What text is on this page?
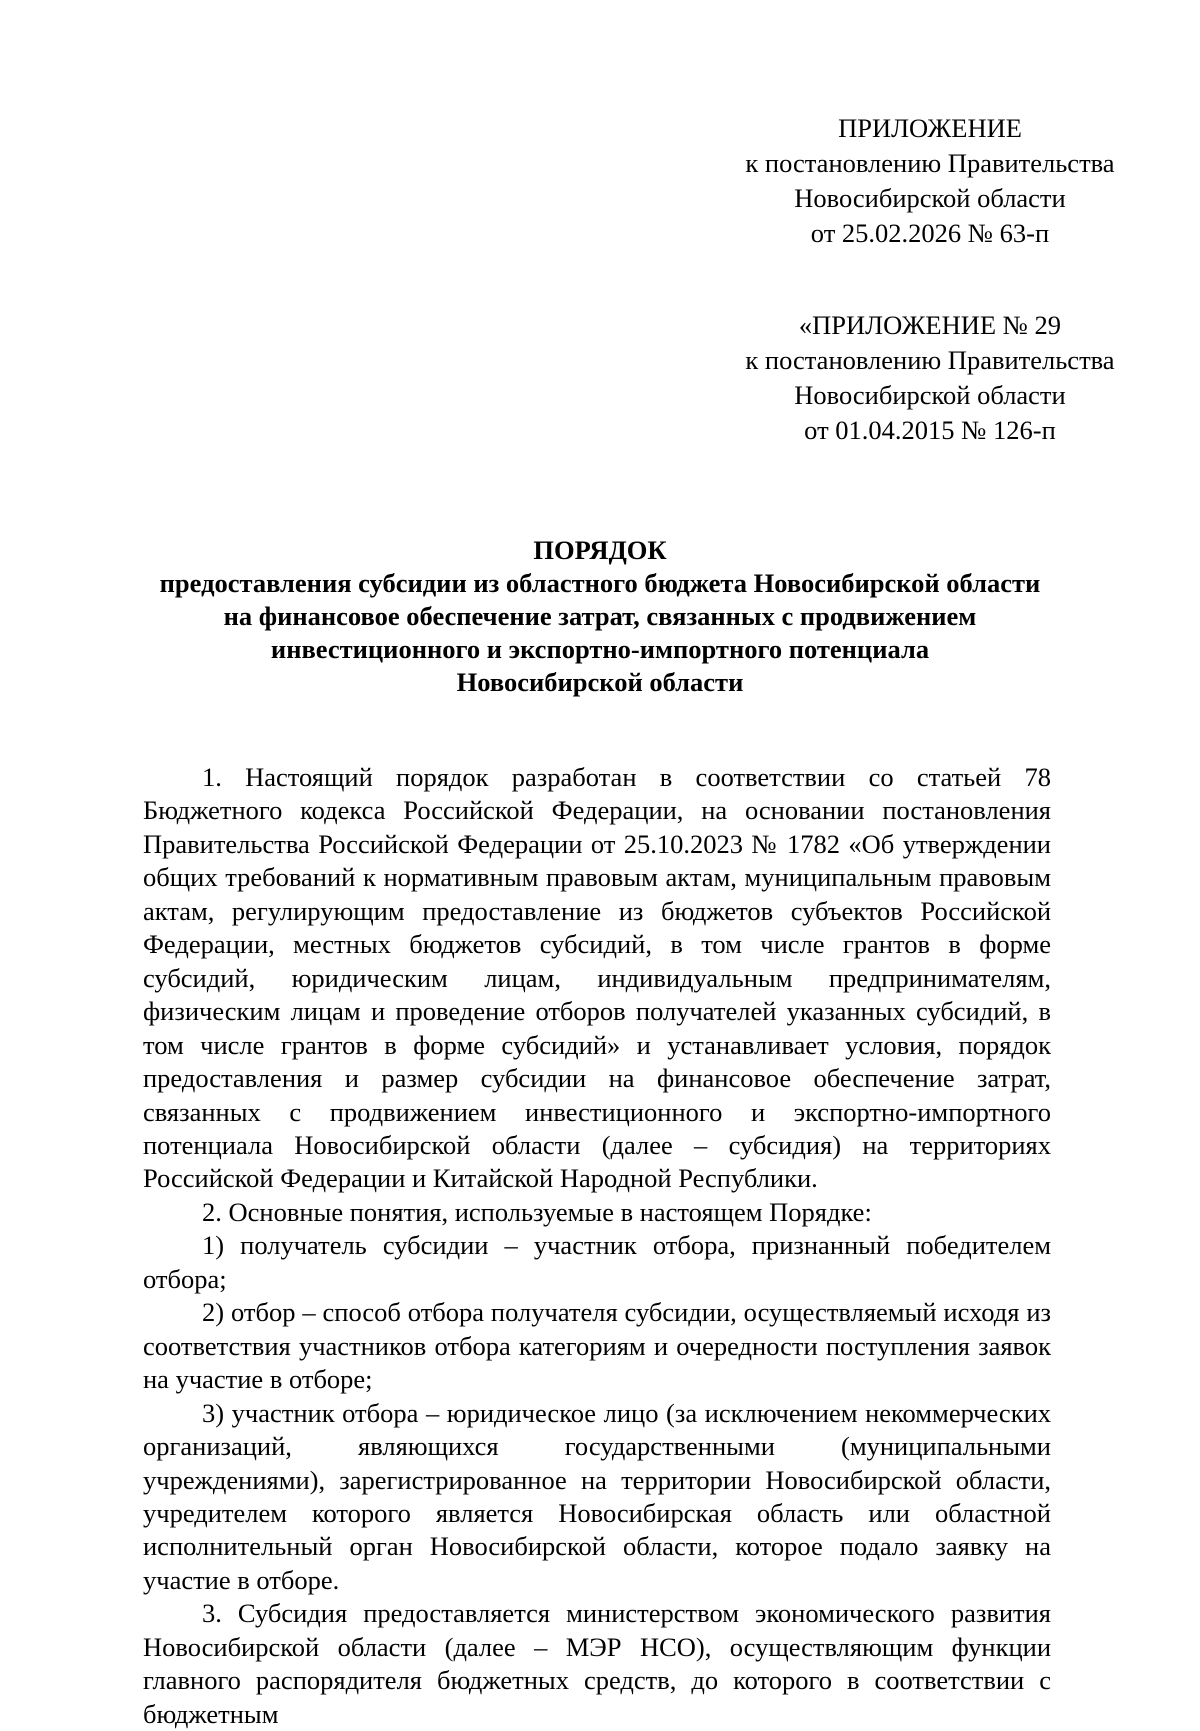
ПРИЛОЖЕНИЕ
к постановлению Правительства
Новосибирской области
от 25.02.2026 № 63-п
«ПРИЛОЖЕНИЕ № 29
к постановлению Правительства
Новосибирской области
от 01.04.2015 № 126-п
ПОРЯДОК
предоставления субсидии из областного бюджета Новосибирской области
на финансовое обеспечение затрат, связанных с продвижением
инвестиционного и экспортно-импортного потенциала
Новосибирской области

1. Настоящий порядок разработан в соответствии со статьей 78 Бюджетного кодекса Российской Федерации, на основании постановления Правительства Российской Федерации от 25.10.2023 № 1782 «Об утверждении общих требований к нормативным правовым актам, муниципальным правовым актам, регулирующим предоставление из бюджетов субъектов Российской Федерации, местных бюджетов субсидий, в том числе грантов в форме субсидий, юридическим лицам, индивидуальным предпринимателям, физическим лицам и проведение отборов получателей указанных субсидий, в том числе грантов в форме субсидий» и устанавливает условия, порядок предоставления и размер субсидии на финансовое обеспечение затрат, связанных с продвижением инвестиционного и экспортно-импортного потенциала Новосибирской области (далее – субсидия) на территориях Российской Федерации и Китайской Народной Республики.

2. Основные понятия, используемые в настоящем Порядке:

1) получатель субсидии – участник отбора, признанный победителем отбора;

2) отбор – способ отбора получателя субсидии, осуществляемый исходя из соответствия участников отбора категориям и очередности поступления заявок на участие в отборе;

3) участник отбора – юридическое лицо (за исключением некоммерческих организаций, являющихся государственными (муниципальными учреждениями), зарегистрированное на территории Новосибирской области, учредителем которого является Новосибирская область или областной исполнительный орган Новосибирской области, которое подало заявку на участие в отборе.

3. Субсидия предоставляется министерством экономического развития Новосибирской области (далее – МЭР НСО), осуществляющим функции главного распорядителя бюджетных средств, до которого в соответствии с бюджетным
